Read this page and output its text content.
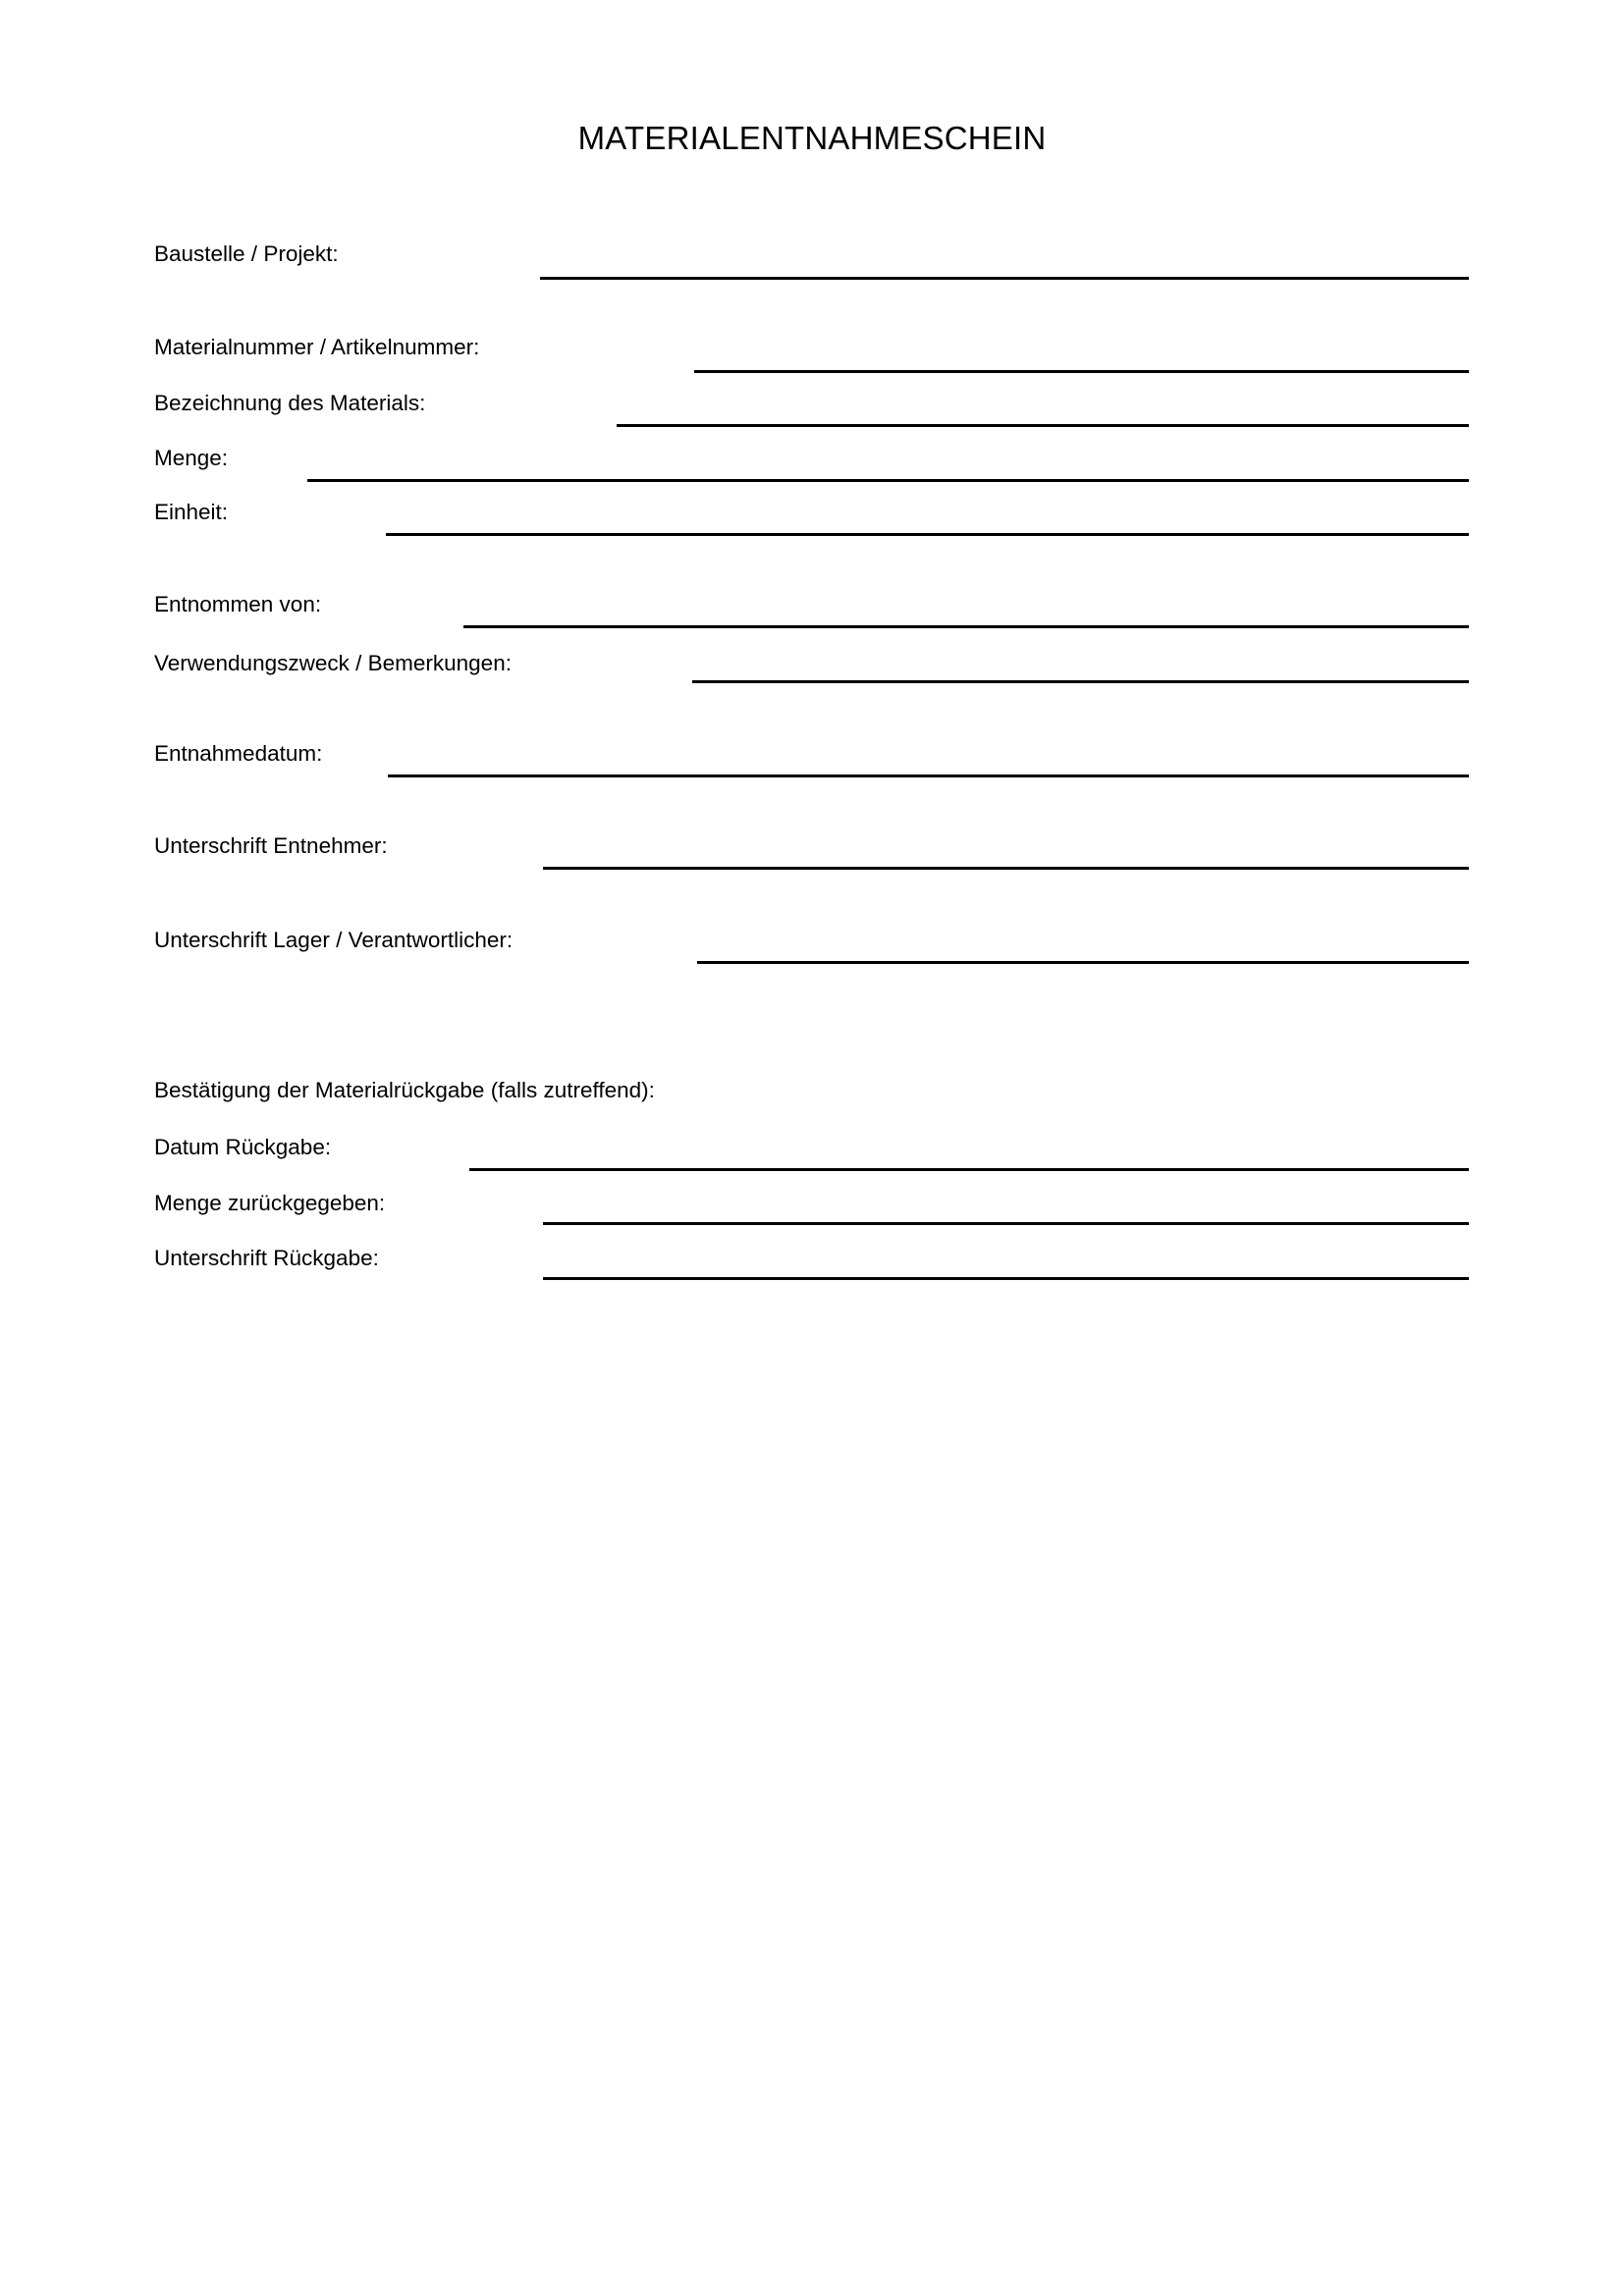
MATERIALENTNAHMESCHEIN
Baustelle / Projekt:
Materialnummer / Artikelnummer:
Bezeichnung des Materials:
Menge:
Einheit:
Entnommen von:
Verwendungszweck / Bemerkungen:
Entnahmedatum:
Unterschrift Entnehmer:
Unterschrift Lager / Verantwortlicher:
Bestätigung der Materialrückgabe (falls zutreffend):
Datum Rückgabe:
Menge zurückgegeben:
Unterschrift Rückgabe:
